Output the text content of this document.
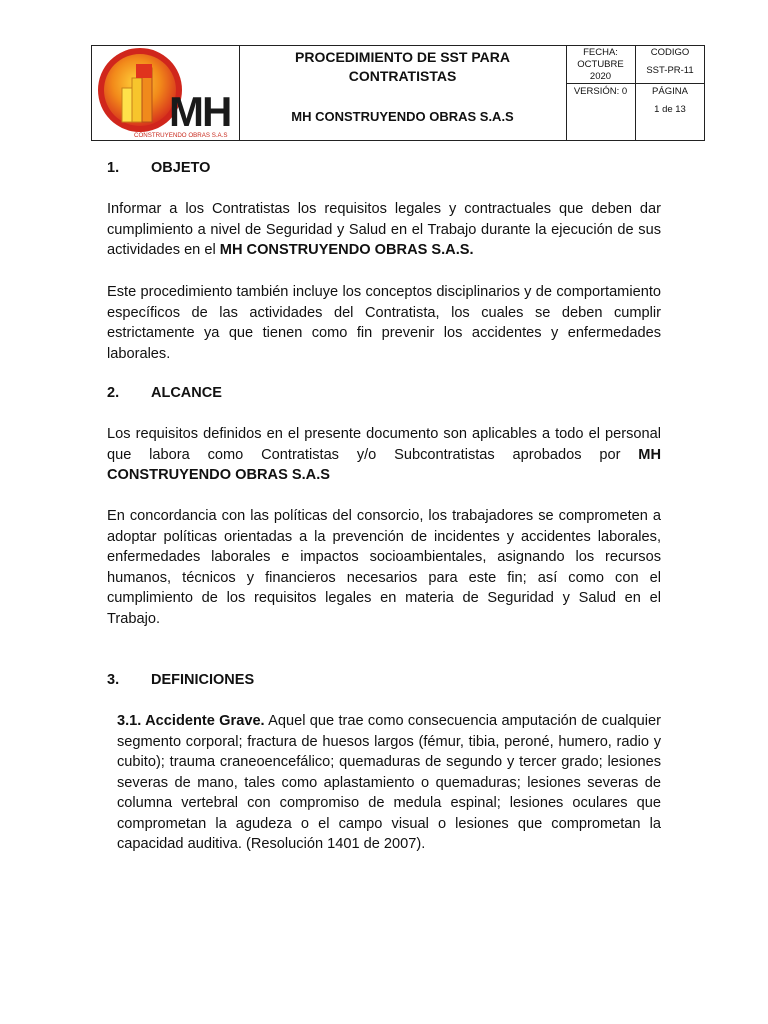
MH
CONSTRUYENDO OBRAS S.A.S
PROCEDIMIENTO DE SST PARA
CONTRATISTAS
MH CONSTRUYENDO OBRAS S.A.S
FECHA:
OCTUBRE
2020
CODIGO
SST-PR-11
VERSIÓN: 0	PÁGINA
1 de 13
1. OBJETO

Informar a los Contratistas los requisitos legales y contractuales que deben dar cumplimiento a nivel de Seguridad y Salud en el Trabajo durante la ejecución de sus actividades en el MH CONSTRUYENDO OBRAS S.A.S.

Este procedimiento también incluye los conceptos disciplinarios y de comportamiento específicos de las actividades del Contratista, los cuales se deben cumplir estrictamente ya que tienen como fin prevenir los accidentes y enfermedades laborales.

2. ALCANCE

Los requisitos definidos en el presente documento son aplicables a todo el personal que labora como Contratistas y/o Subcontratistas aprobados por MH CONSTRUYENDO OBRAS S.A.S

En concordancia con las políticas del consorcio, los trabajadores se comprometen a adoptar políticas orientadas a la prevención de incidentes y accidentes laborales, enfermedades laborales e impactos socioambientales, asignando los recursos humanos, técnicos y financieros necesarios para este fin; así como con el cumplimiento de los requisitos legales en materia de Seguridad y Salud en el Trabajo.

3. DEFINICIONES

3.1. Accidente Grave. Aquel que trae como consecuencia amputación de cualquier segmento corporal; fractura de huesos largos (fémur, tibia, peroné, humero, radio y cubito); trauma craneoencefálico; quemaduras de segundo y tercer grado; lesiones severas de mano, tales como aplastamiento o quemaduras; lesiones severas de columna vertebral con compromiso de medula espinal; lesiones oculares que comprometan la agudeza o el campo visual o lesiones que comprometan la capacidad auditiva. (Resolución 1401 de 2007).
